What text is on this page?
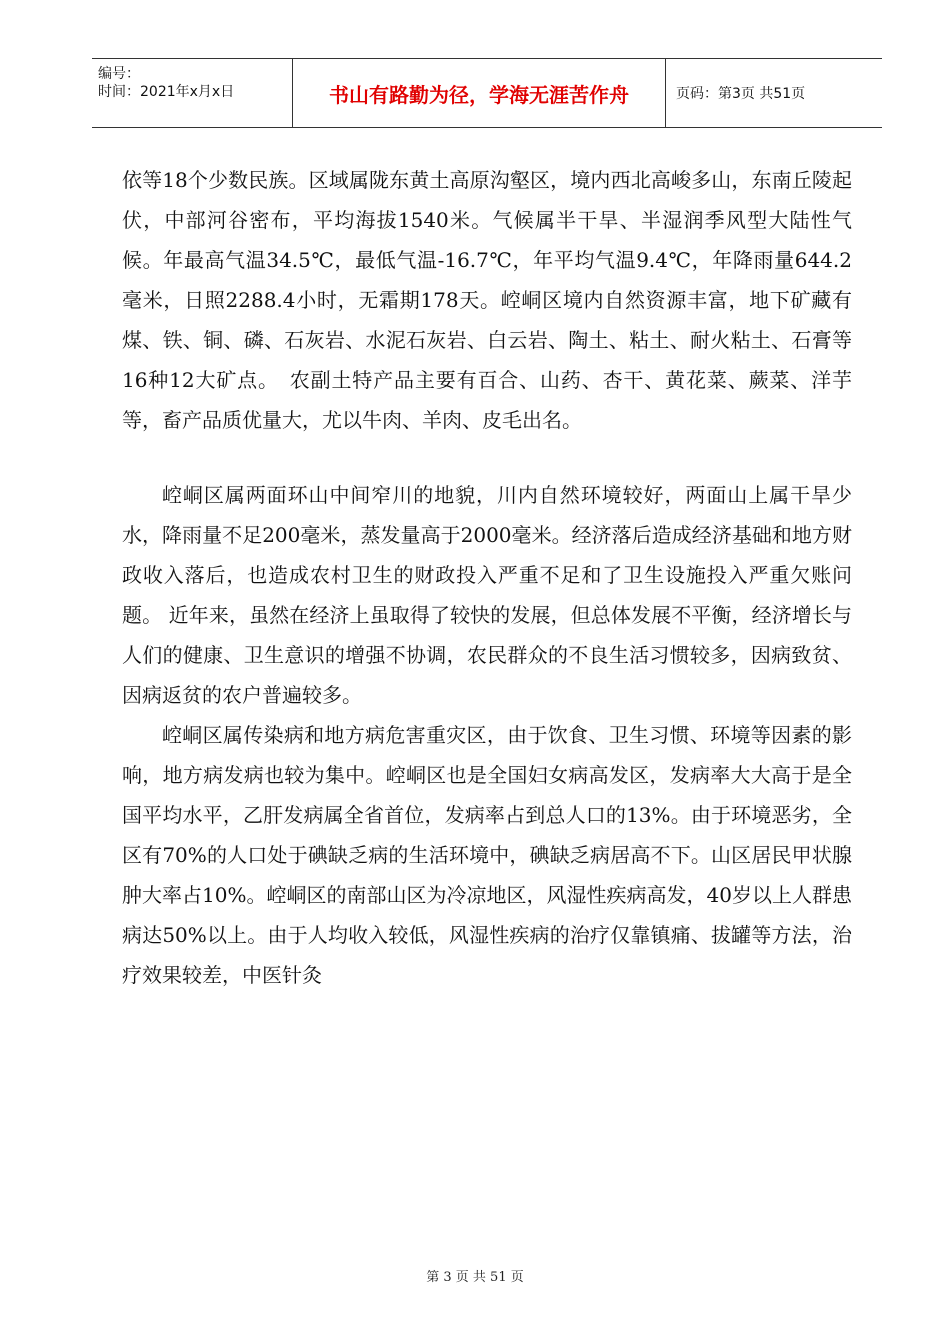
编号：
时间：2021年x月x日	书山有路勤为径，学海无涯苦作舟	页码：第3页 共51页

依等18个少数民族。区域属陇东黄土高原沟壑区，境内西北高峻多山，东南丘陵起伏，中部河谷密布，平均海拔1540米。气候属半干旱、半湿润季风型大陆性气候。年最高气温34.5℃，最低气温-16.7℃，年平均气温9.4℃，年降雨量644.2毫米，日照2288.4小时，无霜期178天。崆峒区境内自然资源丰富，地下矿藏有煤、铁、铜、磷、石灰岩、水泥石灰岩、白云岩、陶土、粘土、耐火粘土、石膏等16种12大矿点。　农副土特产品主要有百合、山药、杏干、黄花菜、蕨菜、洋芋等，畜产品质优量大，尤以牛肉、羊肉、皮毛出名。

崆峒区属两面环山中间窄川的地貌，川内自然环境较好，两面山上属干旱少水，降雨量不足200毫米，蒸发量高于2000毫米。经济落后造成经济基础和地方财政收入落后，也造成农村卫生的财政投入严重不足和了卫生设施投入严重欠账问题。 近年来，虽然在经济上虽取得了较快的发展，但总体发展不平衡，经济增长与人们的健康、卫生意识的增强不协调，农民群众的不良生活习惯较多，因病致贫、因病返贫的农户普遍较多。

崆峒区属传染病和地方病危害重灾区，由于饮食、卫生习惯、环境等因素的影响，地方病发病也较为集中。崆峒区也是全国妇女病高发区，发病率大大高于是全国平均水平，乙肝发病属全省首位，发病率占到总人口的13%。由于环境恶劣，全区有70%的人口处于碘缺乏病的生活环境中，碘缺乏病居高不下。山区居民甲状腺肿大率占10%。崆峒区的南部山区为冷凉地区，风湿性疾病高发，40岁以上人群患病达50%以上。由于人均收入较低，风湿性疾病的治疗仅靠镇痛、拔罐等方法，治疗效果较差，中医针灸

第 3 页 共 51 页
